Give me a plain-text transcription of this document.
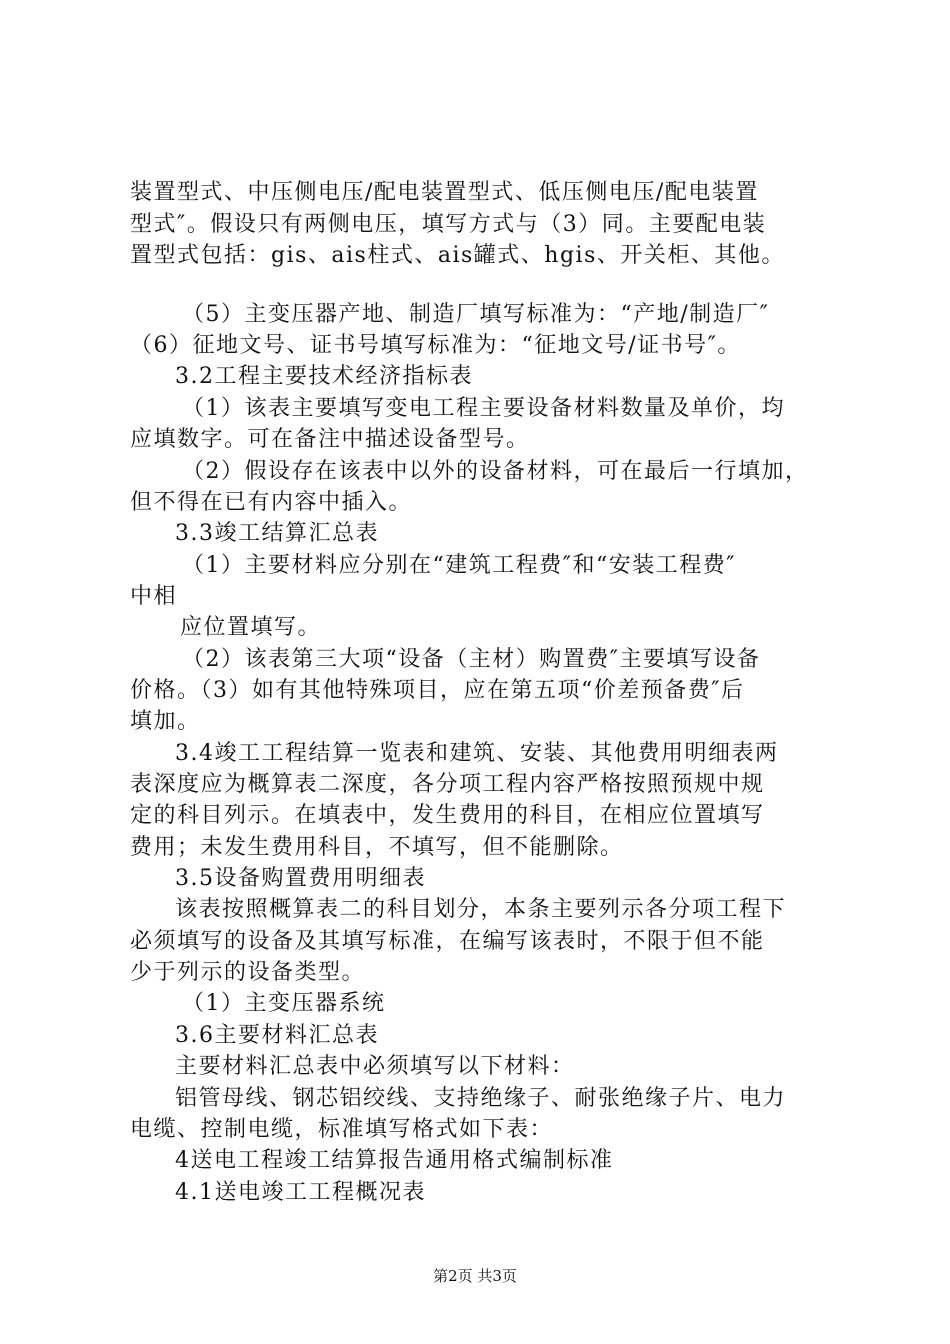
装置型式、中压侧电压/配电装置型式、低压侧电压/配电装置

型式″。假设只有两侧电压，填写方式与（3）同。主要配电装

置型式包括：gis、ais柱式、ais罐式、hgis、开关柜、其他。

（5）主变压器产地、制造厂填写标准为：“产地/制造厂″

（6）征地文号、证书号填写标准为：“征地文号/证书号″。

3.2工程主要技术经济指标表

（1）该表主要填写变电工程主要设备材料数量及单价，均

应填数字。可在备注中描述设备型号。

（2）假设存在该表中以外的设备材料，可在最后一行填加，

但不得在已有内容中插入。

3.3竣工结算汇总表

（1）主要材料应分别在“建筑工程费″和“安装工程费″

中相

应位置填写。

（2）该表第三大项“设备（主材）购置费″主要填写设备

价格。（3）如有其他特殊项目，应在第五项“价差预备费″后

填加。

3.4竣工工程结算一览表和建筑、安装、其他费用明细表两

表深度应为概算表二深度，各分项工程内容严格按照预规中规

定的科目列示。在填表中，发生费用的科目，在相应位置填写

费用；未发生费用科目，不填写，但不能删除。

3.5设备购置费用明细表

该表按照概算表二的科目划分，本条主要列示各分项工程下

必须填写的设备及其填写标准，在编写该表时，不限于但不能

少于列示的设备类型。

（1）主变压器系统

3.6主要材料汇总表

主要材料汇总表中必须填写以下材料：

铝管母线、钢芯铝绞线、支持绝缘子、耐张绝缘子片、电力

电缆、控制电缆，标准填写格式如下表：

4送电工程竣工结算报告通用格式编制标准

4.1送电竣工工程概况表

第2页 共3页
